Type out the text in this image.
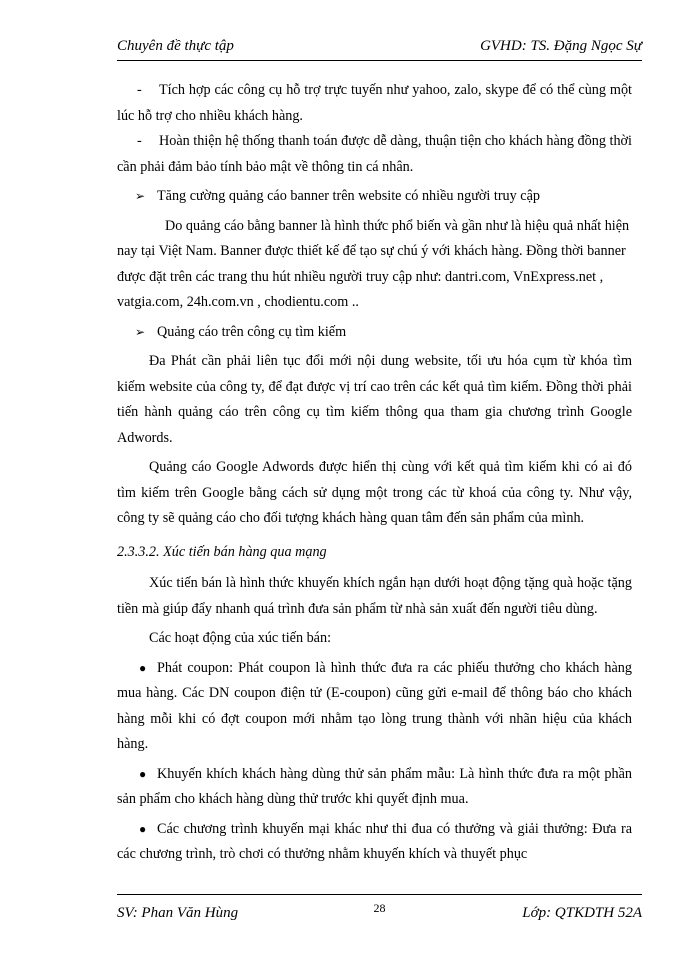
Chuyên đề thực tập	GVHD: TS. Đặng Ngọc Sự

- Tích hợp các công cụ hỗ trợ trực tuyến như yahoo, zalo, skype để có thể cùng một lúc hỗ trợ cho nhiều khách hàng.

- Hoàn thiện hệ thống thanh toán được dễ dàng, thuận tiện cho khách hàng đồng thời cần phải đảm bảo tính bảo mật về thông tin cá nhân.

➢ Tăng cường quảng cáo banner trên website có nhiều người truy cập

Do quảng cáo bằng banner là hình thức phổ biến và gần như là hiệu quả nhất hiện nay tại Việt Nam. Banner được thiết kế để tạo sự chú ý với khách hàng. Đồng thời banner được đặt trên các trang thu hút nhiều người truy cập như: dantri.com, VnExpress.net , vatgia.com, 24h.com.vn , chodientu.com ..

➢ Quảng cáo trên công cụ tìm kiếm

Đa Phát cần phải liên tục đổi mới nội dung website, tối ưu hóa cụm từ khóa tìm kiếm website của công ty, để đạt được vị trí cao trên các kết quả tìm kiếm. Đồng thời phải tiến hành quảng cáo trên công cụ tìm kiếm thông qua tham gia chương trình Google Adwords.

Quảng cáo Google Adwords được hiển thị cùng với kết quả tìm kiếm khi có ai đó tìm kiếm trên Google bằng cách sử dụng một trong các từ khoá của công ty. Như vậy, công ty sẽ quảng cáo cho đối tượng khách hàng quan tâm đến sản phẩm của mình.

2.3.3.2. Xúc tiến bán hàng qua mạng

Xúc tiến bán là hình thức khuyến khích ngắn hạn dưới hoạt động tặng quà hoặc tặng tiền mà giúp đẩy nhanh quá trình đưa sản phẩm từ nhà sản xuất đến người tiêu dùng.

Các hoạt động của xúc tiến bán:

● Phát coupon: Phát coupon là hình thức đưa ra các phiếu thưởng cho khách hàng mua hàng. Các DN coupon điện tử (E-coupon) cũng gửi e-mail để thông báo cho khách hàng mỗi khi có đợt coupon mới nhằm tạo lòng trung thành với nhãn hiệu của khách hàng.

● Khuyến khích khách hàng dùng thử sản phẩm mẫu: Là hình thức đưa ra một phần sản phẩm cho khách hàng dùng thử trước khi quyết định mua.

● Các chương trình khuyến mại khác như thi đua có thưởng và giải thưởng: Đưa ra các chương trình, trò chơi có thưởng nhằm khuyến khích và thuyết phục

SV: Phan Văn Hùng	28	Lớp: QTKDTH 52A
